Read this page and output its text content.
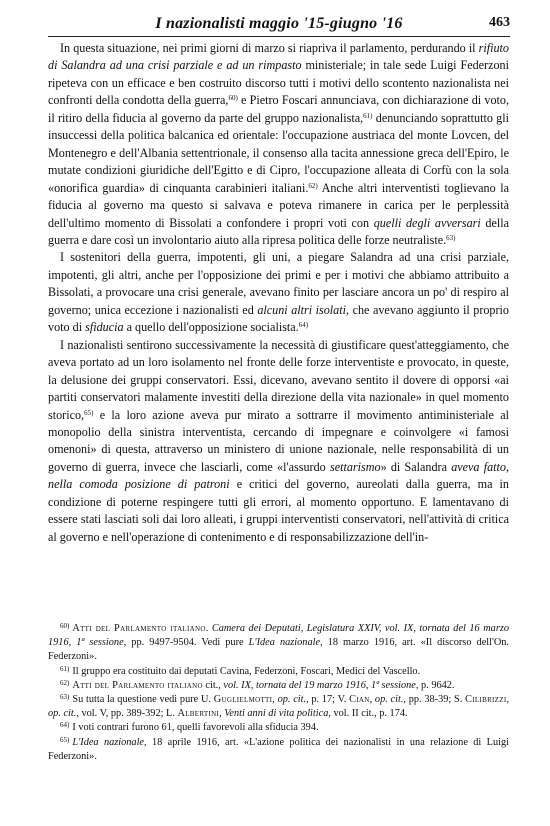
I nazionalisti maggio '15-giugno '16	463

In questa situazione, nei primi giorni di marzo si riapriva il parlamento, perdurando il rifiuto di Salandra ad una crisi parziale e ad un rimpasto ministeriale; in tale sede Luigi Federzoni ripeteva con un efficace e ben costruito discorso tutti i motivi dello scontento nazionalista nei confronti della condotta della guerra,$^{60)}$ e Pietro Foscari annunciava, con dichiarazione di voto, il ritiro della fiducia al governo da parte del gruppo nazionalista,$^{61)}$ denunciando soprattutto gli insuccessi della politica balcanica ed orientale: l'occupazione austriaca del monte Lovcen, del Montenegro e dell'Albania settentrionale, il consenso alla tacita annessione greca dell'Epiro, le mutate condizioni giuridiche dell'Egitto e di Cipro, l'occupazione alleata di Corfù con la sola «onorifica guardia» di cinquanta carabinieri italiani.$^{62)}$ Anche altri interventisti toglievano la fiducia al governo ma questo si salvava e poteva rimanere in carica per le perplessità dell'ultimo momento di Bissolati a confondere i propri voti con quelli degli avversari della guerra e dare così un involontario aiuto alla ripresa politica delle forze neutraliste.$^{63)}$

I sostenitori della guerra, impotenti, gli uni, a piegare Salandra ad una crisi parziale, impotenti, gli altri, anche per l'opposizione dei primi e per i motivi che abbiamo attribuito a Bissolati, a provocare una crisi generale, avevano finito per lasciare ancora un po' di respiro al governo; unica eccezione i nazionalisti ed alcuni altri isolati, che avevano aggiunto il proprio voto di sfiducia a quello dell'opposizione socialista.$^{64)}$

I nazionalisti sentirono successivamente la necessità di giustificare quest'atteggiamento, che aveva portato ad un loro isolamento nel fronte delle forze interventiste e provocato, in queste, la delusione dei gruppi conservatori. Essi, dicevano, avevano sentito il dovere di opporsi «ai partiti conservatori malamente investiti della direzione della vita nazionale» in quel momento storico,$^{65)}$ e la loro azione aveva pur mirato a sottrarre il movimento antiministeriale al monopolio della sinistra interventista, cercando di impegnare e coinvolgere «i famosi omenoni» di questa, attraverso un ministero di unione nazionale, nelle responsabilità di un governo di guerra, invece che lasciarli, come «l'assurdo settarismo» di Salandra aveva fatto, nella comoda posizione di patroni e critici del governo, aureolati dalla guerra, ma in condizione di poterne respingere tutti gli errori, al momento opportuno. E lamentavano di essere stati lasciati soli dai loro alleati, i gruppi interventisti conservatori, nell'attività di critica al governo e nell'operazione di contenimento e di responsabilizzazione dell'in-

$^{60)}$ Atti del Parlamento italiano. Camera dei Deputati, Legislatura XXIV, vol. IX, tornata del 16 marzo 1916, 1ª sessione, pp. 9497-9504. Vedi pure L'Idea nazionale, 18 marzo 1916, art. «Il discorso dell'On. Federzoni».

$^{61)}$ Il gruppo era costituito dai deputati Cavina, Federzoni, Foscari, Medici del Vascello.

$^{62)}$ Atti del Parlamento italiano cit., vol. IX, tornata del 19 marzo 1916, 1ª sessione, p. 9642.

$^{63)}$ Su tutta la questione vedi pure U. Guglielmotti, op. cit., p. 17; V. Cian, op. cit., pp. 38-39; S. Cilibrizzi, op. cit., vol. V, pp. 389-392; L. Albertini, Venti anni di vita politica, vol. II cit., p. 174.

$^{64)}$ I voti contrari furono 61, quelli favorevoli alla sfiducia 394.

$^{65)}$ L'Idea nazionale, 18 aprile 1916, art. «L'azione politica dei nazionalisti in una relazione di Luigi Federzoni».
